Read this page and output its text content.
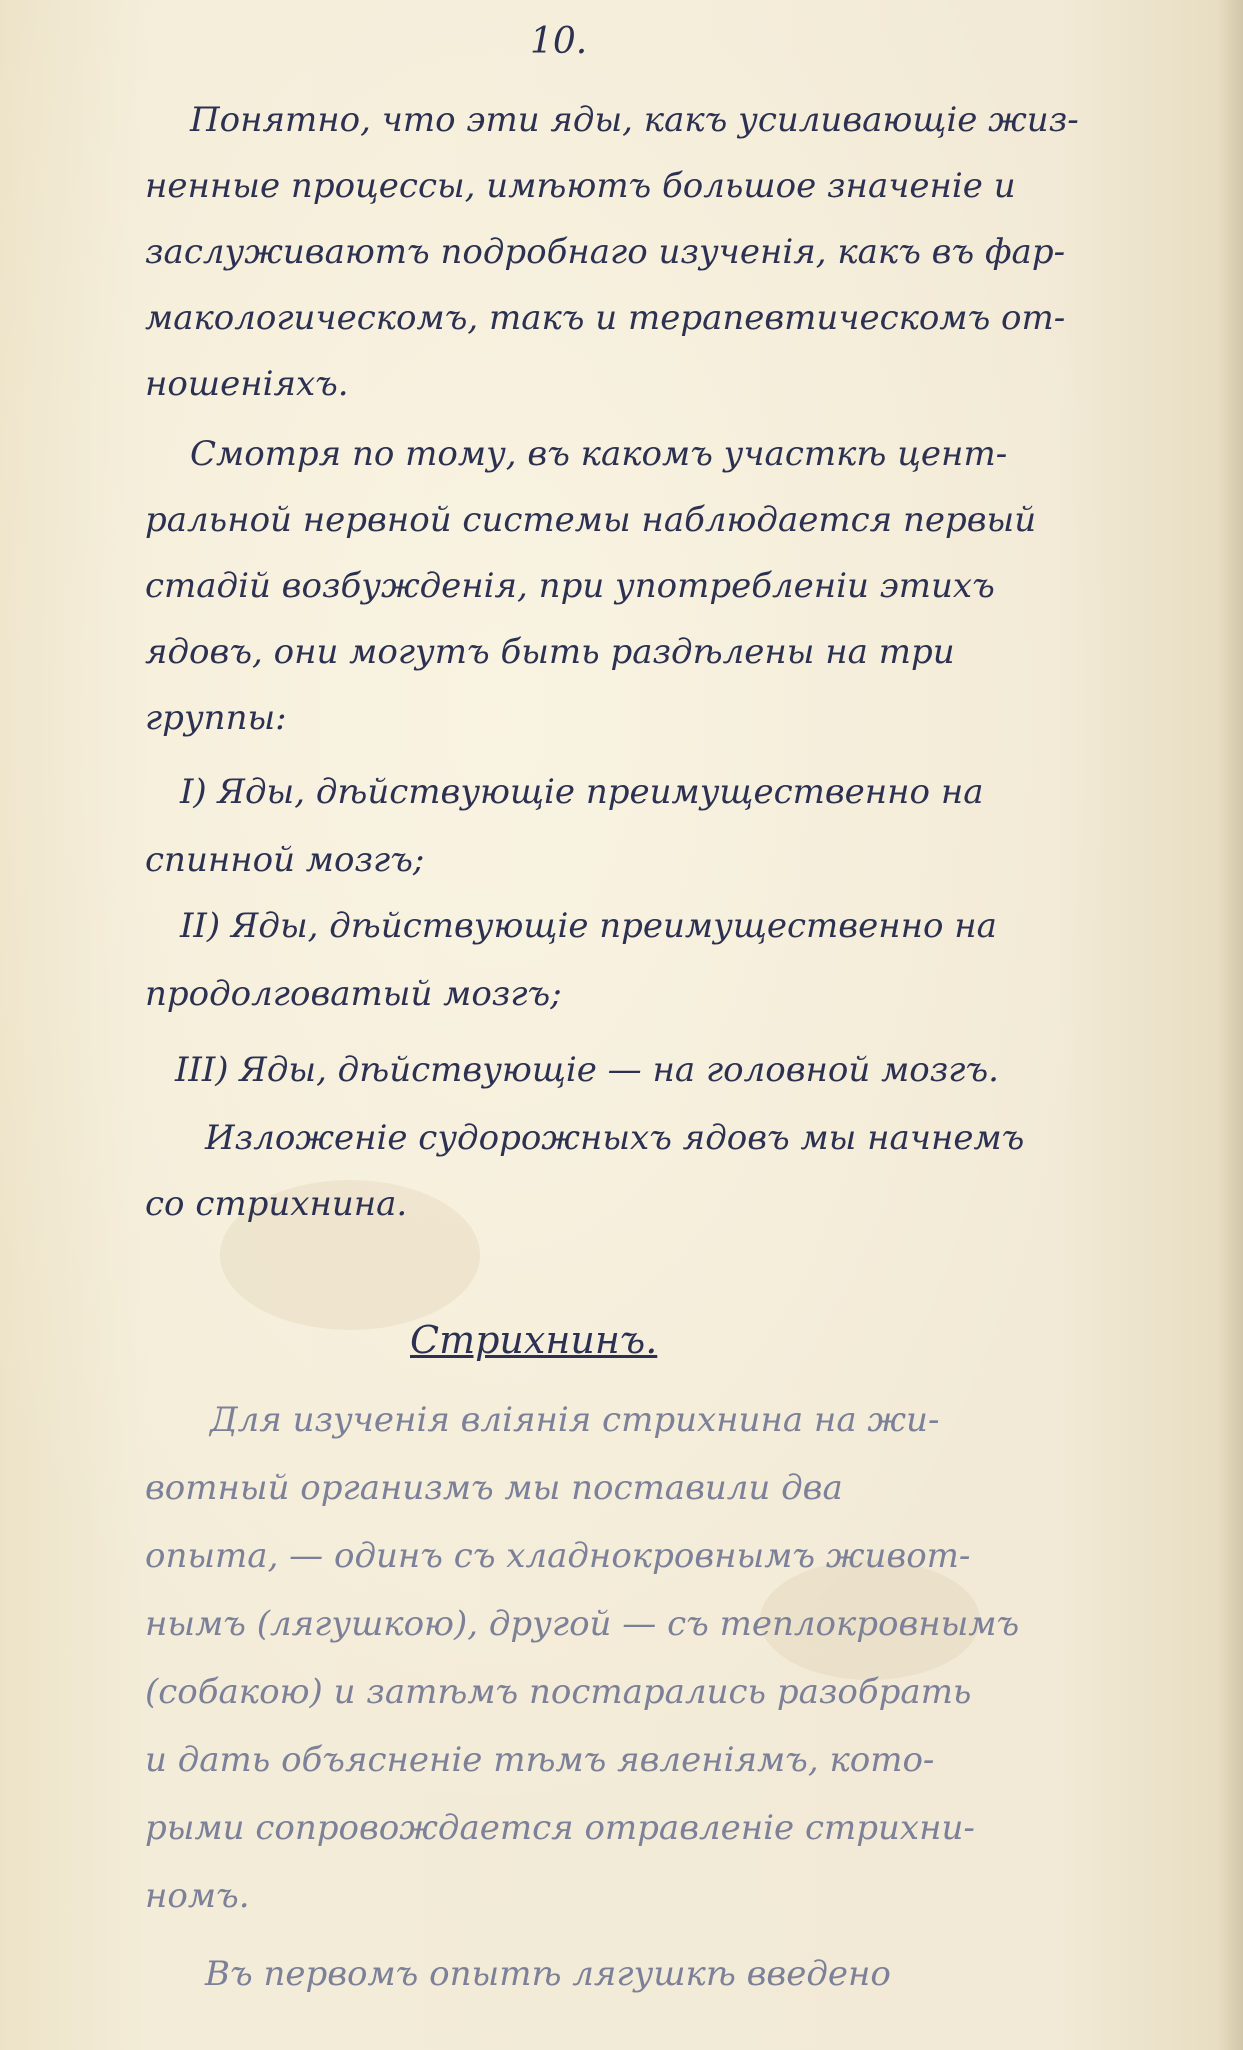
10.
Понятно, что эти яды, какъ усиливающіе жиз-
ненные процессы, имѣютъ большое значеніе и
заслуживаютъ подробнаго изученія, какъ въ фар-
макологическомъ, такъ и терапевтическомъ от-
ношеніяхъ.
Смотря по тому, въ какомъ участкѣ цент-
ральной нервной системы наблюдается первый
стадій возбужденія, при употребленіи этихъ
ядовъ, они могутъ быть раздѣлены на три
группы:
I) Яды, дѣйствующіе преимущественно на
спинной мозгъ;
II) Яды, дѣйствующіе преимущественно на
продолговатый мозгъ;
III) Яды, дѣйствующіе — на головной мозгъ.
Изложеніе судорожныхъ ядовъ мы начнемъ
со стрихнина.
Стрихнинъ.
Для изученія вліянія стрихнина на жи-
вотный организмъ мы поставили два
опыта, — одинъ съ хладнокровнымъ живот-
нымъ (лягушкою), другой — съ теплокровнымъ
(собакою) и затѣмъ постарались разобрать
и дать объясненіе тѣмъ явленіямъ, кото-
рыми сопровождается отравленіе стрихни-
номъ.
Въ первомъ опытѣ лягушкѣ введено
